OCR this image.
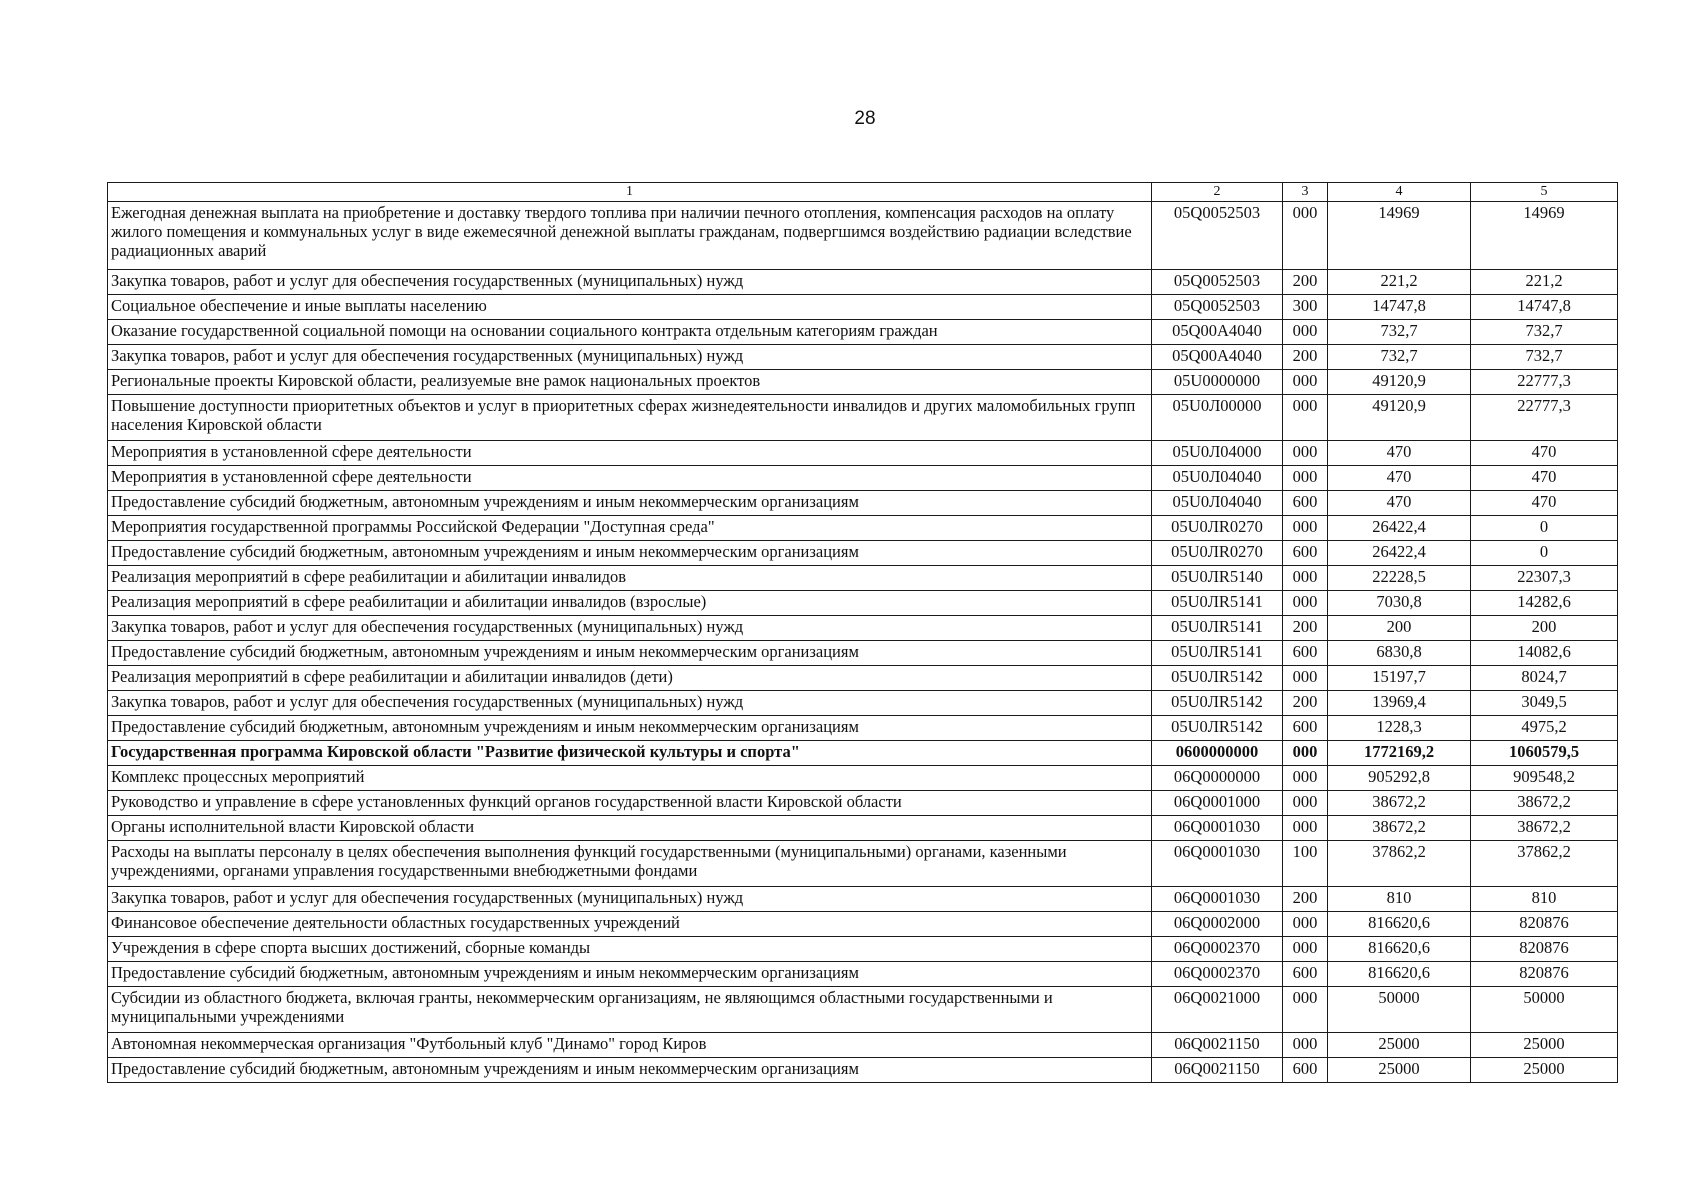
28
1	2	3	4	5
Ежегодная денежная выплата на приобретение и доставку твердого топлива при наличии печного отопления, компенсация расходов на оплату жилого помещения и коммунальных услуг в виде ежемесячной денежной выплаты гражданам, подвергшимся воздействию радиации вследствие радиационных аварий	05Q0052503	000	14969	14969
Закупка товаров, работ и услуг для обеспечения государственных (муниципальных) нужд	05Q0052503	200	221,2	221,2
Социальное обеспечение и иные выплаты населению	05Q0052503	300	14747,8	14747,8
Оказание государственной социальной помощи на основании социального контракта отдельным категориям граждан	05Q00A4040	000	732,7	732,7
Закупка товаров, работ и услуг для обеспечения государственных (муниципальных) нужд	05Q00A4040	200	732,7	732,7
Региональные проекты Кировской области, реализуемые вне рамок национальных проектов	05U0000000	000	49120,9	22777,3
Повышение доступности приоритетных объектов и услуг в приоритетных сферах жизнедеятельности инвалидов и других маломобильных групп населения Кировской области	05U0Л00000	000	49120,9	22777,3
Мероприятия в установленной сфере деятельности	05U0Л04000	000	470	470
Мероприятия в установленной сфере деятельности	05U0Л04040	000	470	470
Предоставление субсидий бюджетным, автономным учреждениям и иным некоммерческим организациям	05U0Л04040	600	470	470
Мероприятия государственной программы Российской Федерации "Доступная среда"	05U0ЛR0270	000	26422,4	0
Предоставление субсидий бюджетным, автономным учреждениям и иным некоммерческим организациям	05U0ЛR0270	600	26422,4	0
Реализация мероприятий в сфере реабилитации и абилитации инвалидов	05U0ЛR5140	000	22228,5	22307,3
Реализация мероприятий в сфере реабилитации и абилитации инвалидов (взрослые)	05U0ЛR5141	000	7030,8	14282,6
Закупка товаров, работ и услуг для обеспечения государственных (муниципальных) нужд	05U0ЛR5141	200	200	200
Предоставление субсидий бюджетным, автономным учреждениям и иным некоммерческим организациям	05U0ЛR5141	600	6830,8	14082,6
Реализация мероприятий в сфере реабилитации и абилитации инвалидов (дети)	05U0ЛR5142	000	15197,7	8024,7
Закупка товаров, работ и услуг для обеспечения государственных (муниципальных) нужд	05U0ЛR5142	200	13969,4	3049,5
Предоставление субсидий бюджетным, автономным учреждениям и иным некоммерческим организациям	05U0ЛR5142	600	1228,3	4975,2
Государственная программа Кировской области "Развитие физической культуры и спорта"	0600000000	000	1772169,2	1060579,5
Комплекс процессных мероприятий	06Q0000000	000	905292,8	909548,2
Руководство и управление в сфере установленных функций органов государственной власти Кировской области	06Q0001000	000	38672,2	38672,2
Органы исполнительной власти Кировской области	06Q0001030	000	38672,2	38672,2
Расходы на выплаты персоналу в целях обеспечения выполнения функций государственными (муниципальными) органами, казенными учреждениями, органами управления государственными внебюджетными фондами	06Q0001030	100	37862,2	37862,2
Закупка товаров, работ и услуг для обеспечения государственных (муниципальных) нужд	06Q0001030	200	810	810
Финансовое обеспечение деятельности областных государственных учреждений	06Q0002000	000	816620,6	820876
Учреждения в сфере спорта высших достижений, сборные команды	06Q0002370	000	816620,6	820876
Предоставление субсидий бюджетным, автономным учреждениям и иным некоммерческим организациям	06Q0002370	600	816620,6	820876
Субсидии из областного бюджета, включая гранты, некоммерческим организациям, не являющимся областными государственными и муниципальными учреждениями	06Q0021000	000	50000	50000
Автономная некоммерческая организация "Футбольный клуб "Динамо" город Киров	06Q0021150	000	25000	25000
Предоставление субсидий бюджетным, автономным учреждениям и иным некоммерческим организациям	06Q0021150	600	25000	25000
